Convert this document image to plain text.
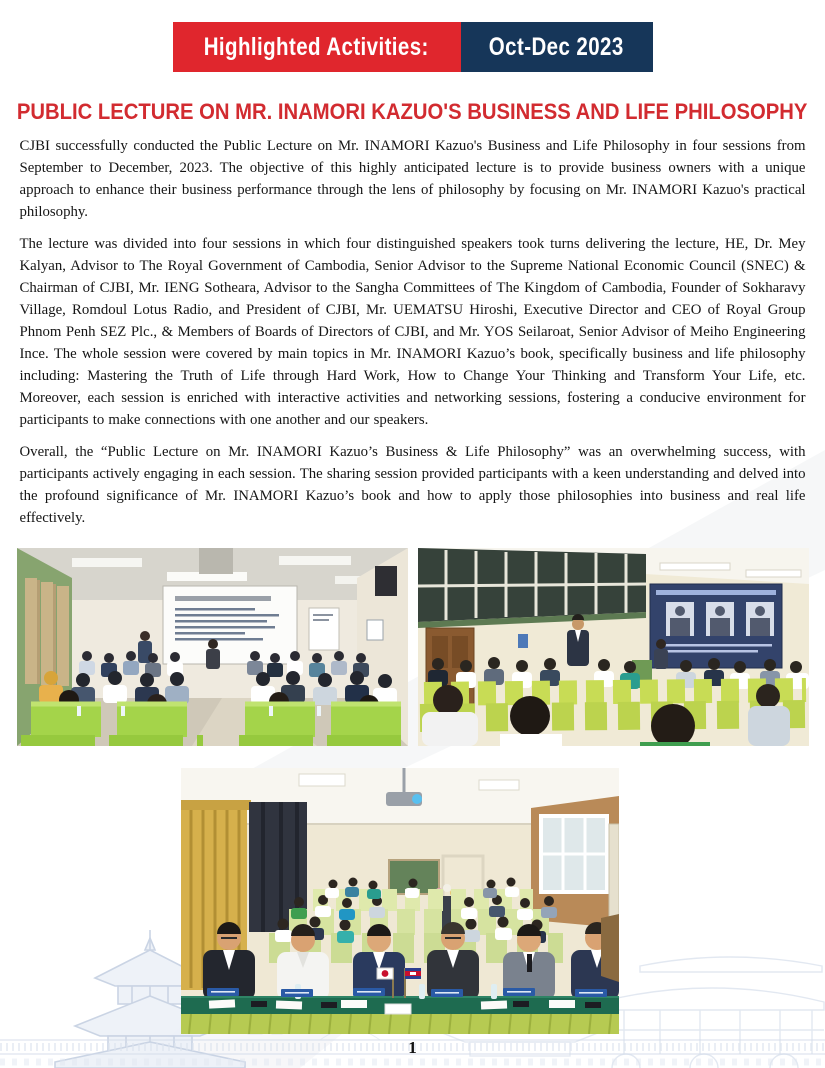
Highlighted Activities: Oct-Dec 2023
PUBLIC LECTURE ON MR. INAMORI KAZUO'S BUSINESS AND LIFE PHILOSOPHY

CJBI successfully conducted the Public Lecture on Mr. INAMORI Kazuo's Business and Life Philosophy in four sessions from September to December, 2023. The objective of this highly anticipated lecture is to provide business owners with a unique approach to enhance their business performance through the lens of philosophy by focusing on Mr. INAMORI Kazuo's practical philosophy.

The lecture was divided into four sessions in which four distinguished speakers took turns delivering the lecture, HE, Dr. Mey Kalyan, Advisor to The Royal Government of Cambodia, Senior Advisor to the Supreme National Economic Council (SNEC) & Chairman of CJBI, Mr. IENG Sotheara, Advisor to the Sangha Committees of The Kingdom of Cambodia, Founder of Sokharavy Village, Romdoul Lotus Radio, and President of CJBI, Mr. UEMATSU Hiroshi, Executive Director and CEO of Royal Group Phnom Penh SEZ Plc., & Members of Boards of Directors of CJBI, and Mr. YOS Seilaroat, Senior Advisor of Meiho Engineering Ince. The whole session were covered by main topics in Mr. INAMORI Kazuo’s book, specifically business and life philosophy including: Mastering the Truth of Life through Hard Work, How to Change Your Thinking and Transform Your Life, etc. Moreover, each session is enriched with interactive activities and networking sessions, fostering a conducive environment for participants to make connections with one another and our speakers.

Overall, the “Public Lecture on Mr. INAMORI Kazuo’s Business & Life Philosophy” was an overwhelming success, with participants actively engaging in each session. The sharing session provided participants with a keen understanding and delved into the profound significance of Mr. INAMORI Kazuo’s book and how to apply those philosophies into business and real life effectively.

1
